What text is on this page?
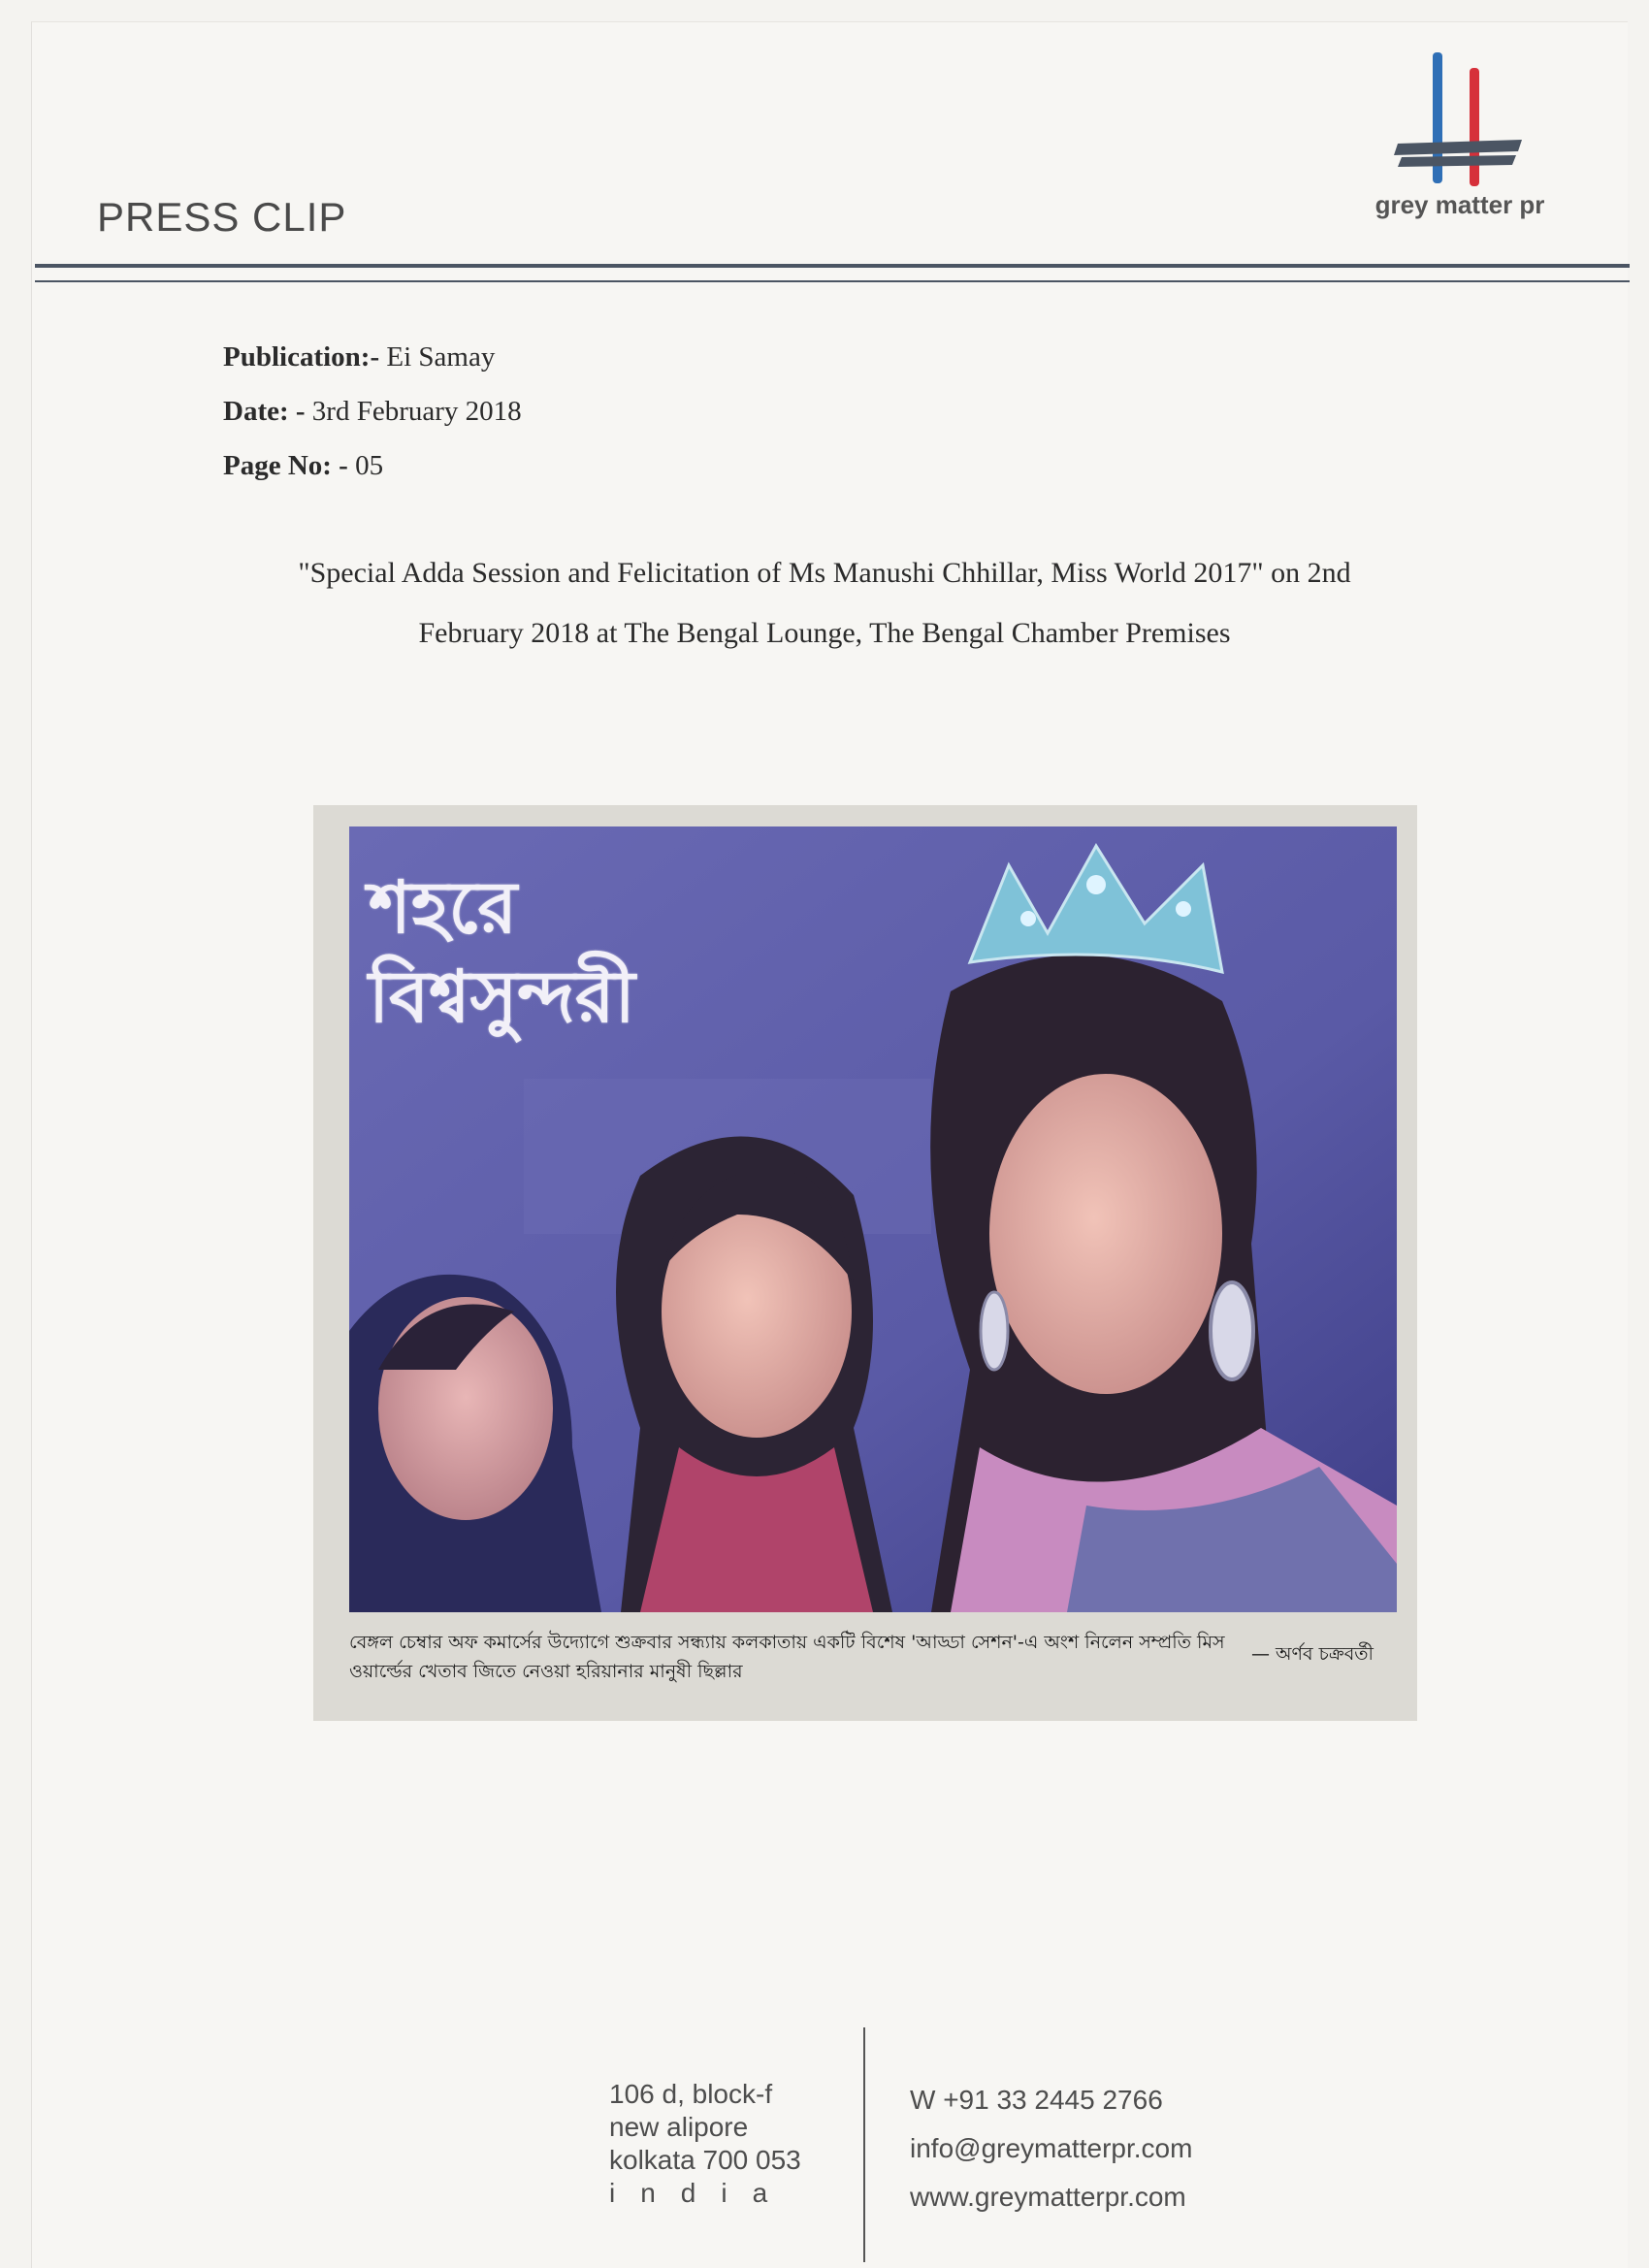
PRESS CLIP	grey matter pr
Publication:- Ei Samay
Date: - 3rd February 2018
Page No: - 05
"Special Adda Session and Felicitation of Ms Manushi Chhillar, Miss World 2017" on 2nd
February 2018 at The Bengal Lounge, The Bengal Chamber Premises
শহরে
বিশ্বসুন্দরী
বেঙ্গল চেম্বার অফ কমার্সের উদ্যোগে শুক্রবার সন্ধ্যায় কলকাতায় একটি বিশেষ 'আড্ডা সেশন'-এ অংশ নিলেন সম্প্রতি মিস
ওয়ার্ল্ডের খেতাব জিতে নেওয়া হরিয়ানার মানুষী ছিল্লার
— অর্ণব চক্রবর্তী
106 d, block-f
new alipore
kolkata 700 053
india
W +91 33 2445 2766
info@greymatterpr.com
www.greymatterpr.com
